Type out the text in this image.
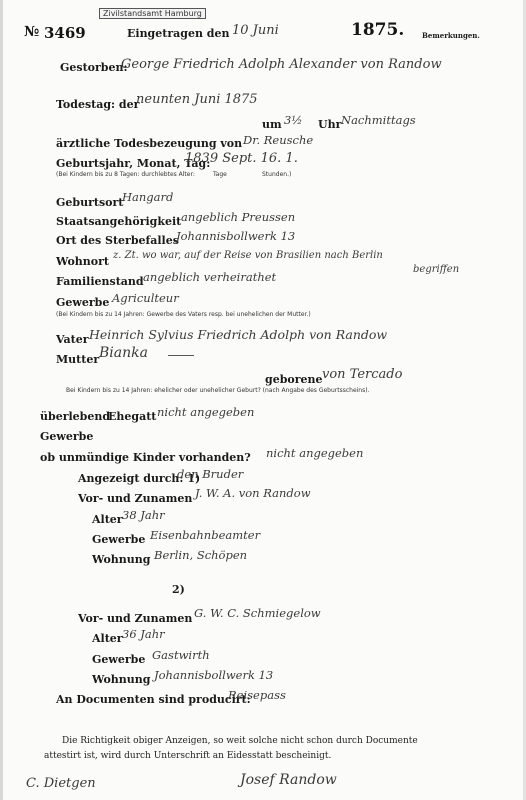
№ 3469
Zivilstandsamt Hamburg
Eingetragen den 10 Juni	1875.	Bemerkungen.
Gestorben:
George Friedrich Adolph Alexander von Randow
Todestag: der
neunten Juni 1875
um 3½ Uhr Nachmittags
ärztliche Todesbezeugung von Dr. Reusche
Geburtsjahr, Monat, Tag:
1839 Sept. 16. 1.
(Bei Kindern bis zu 8 Tagen: durchlebtes Alter:	Tage	Stunden.)
Geburtsort
Hangard
Staatsangehörigkeit angeblich Preussen
Ort des Sterbefalles
Johannisbollwerk 13
Wohnort z. Zt. wo war, auf der Reise von Brasilien nach Berlin
begriffen
Familienstand angeblich verheirathet
Gewerbe Agriculteur
(Bei Kindern bis zu 14 Jahren: Gewerbe des Vaters resp. bei unehelichen der Mutter.)
Vater Heinrich Sylvius Friedrich Adolph von Randow
Mutter Bianka
geborene von Tercado
Bei Kindern bis zu 14 Jahren: ehelicher oder unehelicher Geburt? (nach Angabe des Geburtsscheins).
überlebend
Ehegatt nicht angegeben
Gewerbe
ob unmündige Kinder vorhanden? nicht angegeben
Angezeigt durch: 1)
den Bruder
Vor- und Zunamen J. W. A. von Randow
Alter 38 Jahr
Gewerbe Eisenbahnbeamter
Wohnung Berlin, Schöpen
2)
Vor- und Zunamen G. W. C. Schmiegelow
Alter 36 Jahr
Gewerbe Gastwirth
Wohnung Johannisbollwerk 13
An Documenten sind producirt:
Reisepass
Die Richtigkeit obiger Anzeigen, so weit solche nicht schon durch Documente
attestirt ist, wird durch Unterschrift an Eidesstatt bescheinigt.
C. Dietgen	Josef Randow
